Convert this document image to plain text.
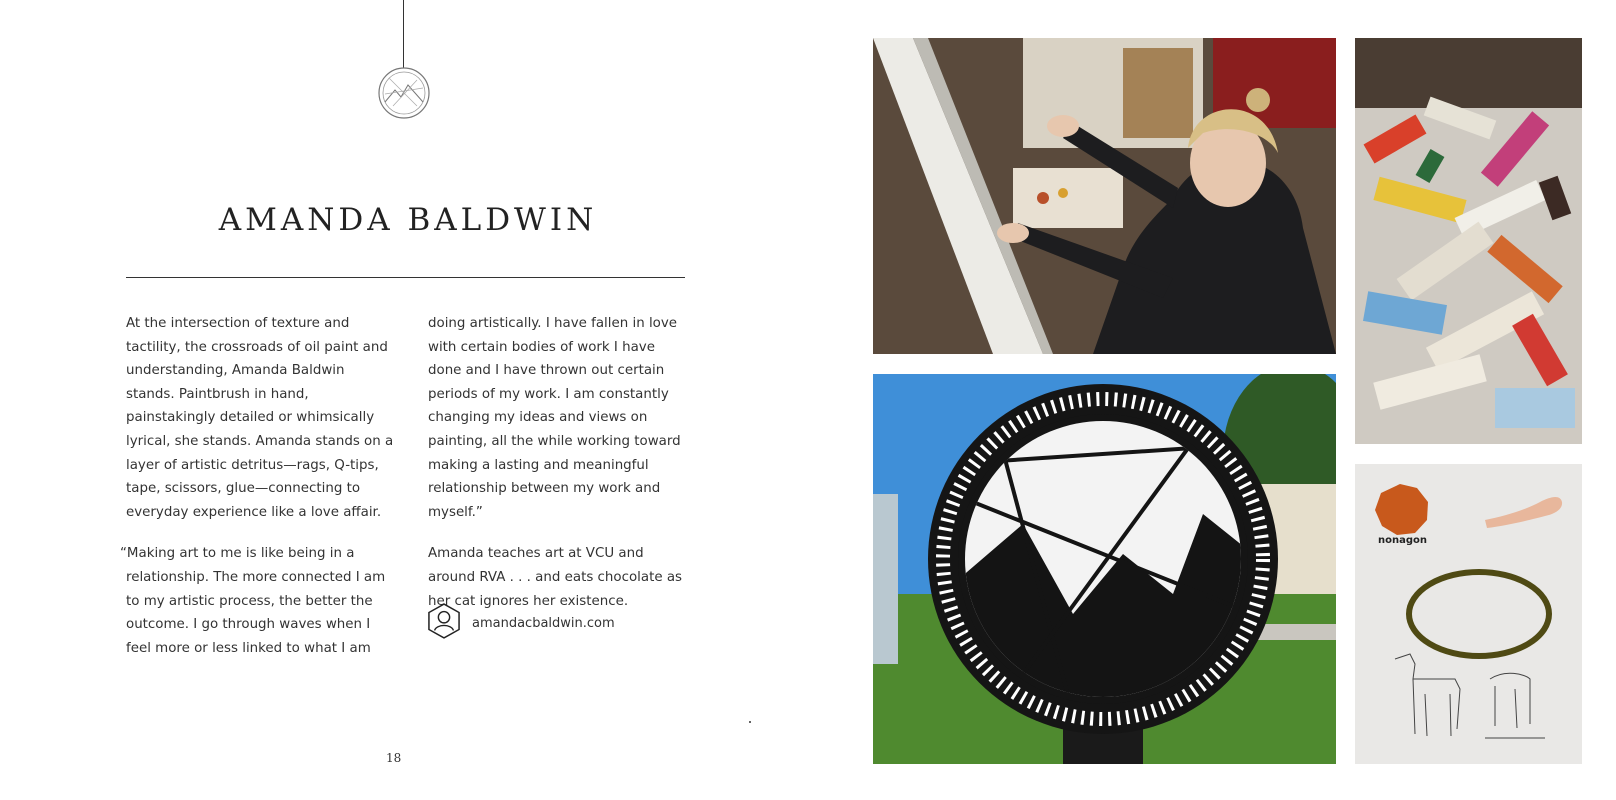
AMANDA BALDWIN

At the intersection of texture and tactility, the crossroads of oil paint and understanding, Amanda Baldwin stands. Paintbrush in hand, painstakingly detailed or whimsically lyrical, she stands. Amanda stands on a layer of artistic detritus—rags, Q-tips, tape, scissors, glue—connecting to everyday experience like a love affair.

“Making art to me is like being in a relationship. The more connected I am to my artistic process, the better the outcome. I go through waves when I feel more or less linked to what I am

doing artistically. I have fallen in love with certain bodies of work I have done and I have thrown out certain periods of my work. I am constantly changing my ideas and views on painting, all the while working toward making a lasting and meaningful relationship between my work and myself.”

Amanda teaches art at VCU and around RVA . . . and eats chocolate as her cat ignores her existence.

amandacbaldwin.com
18
nonagon
